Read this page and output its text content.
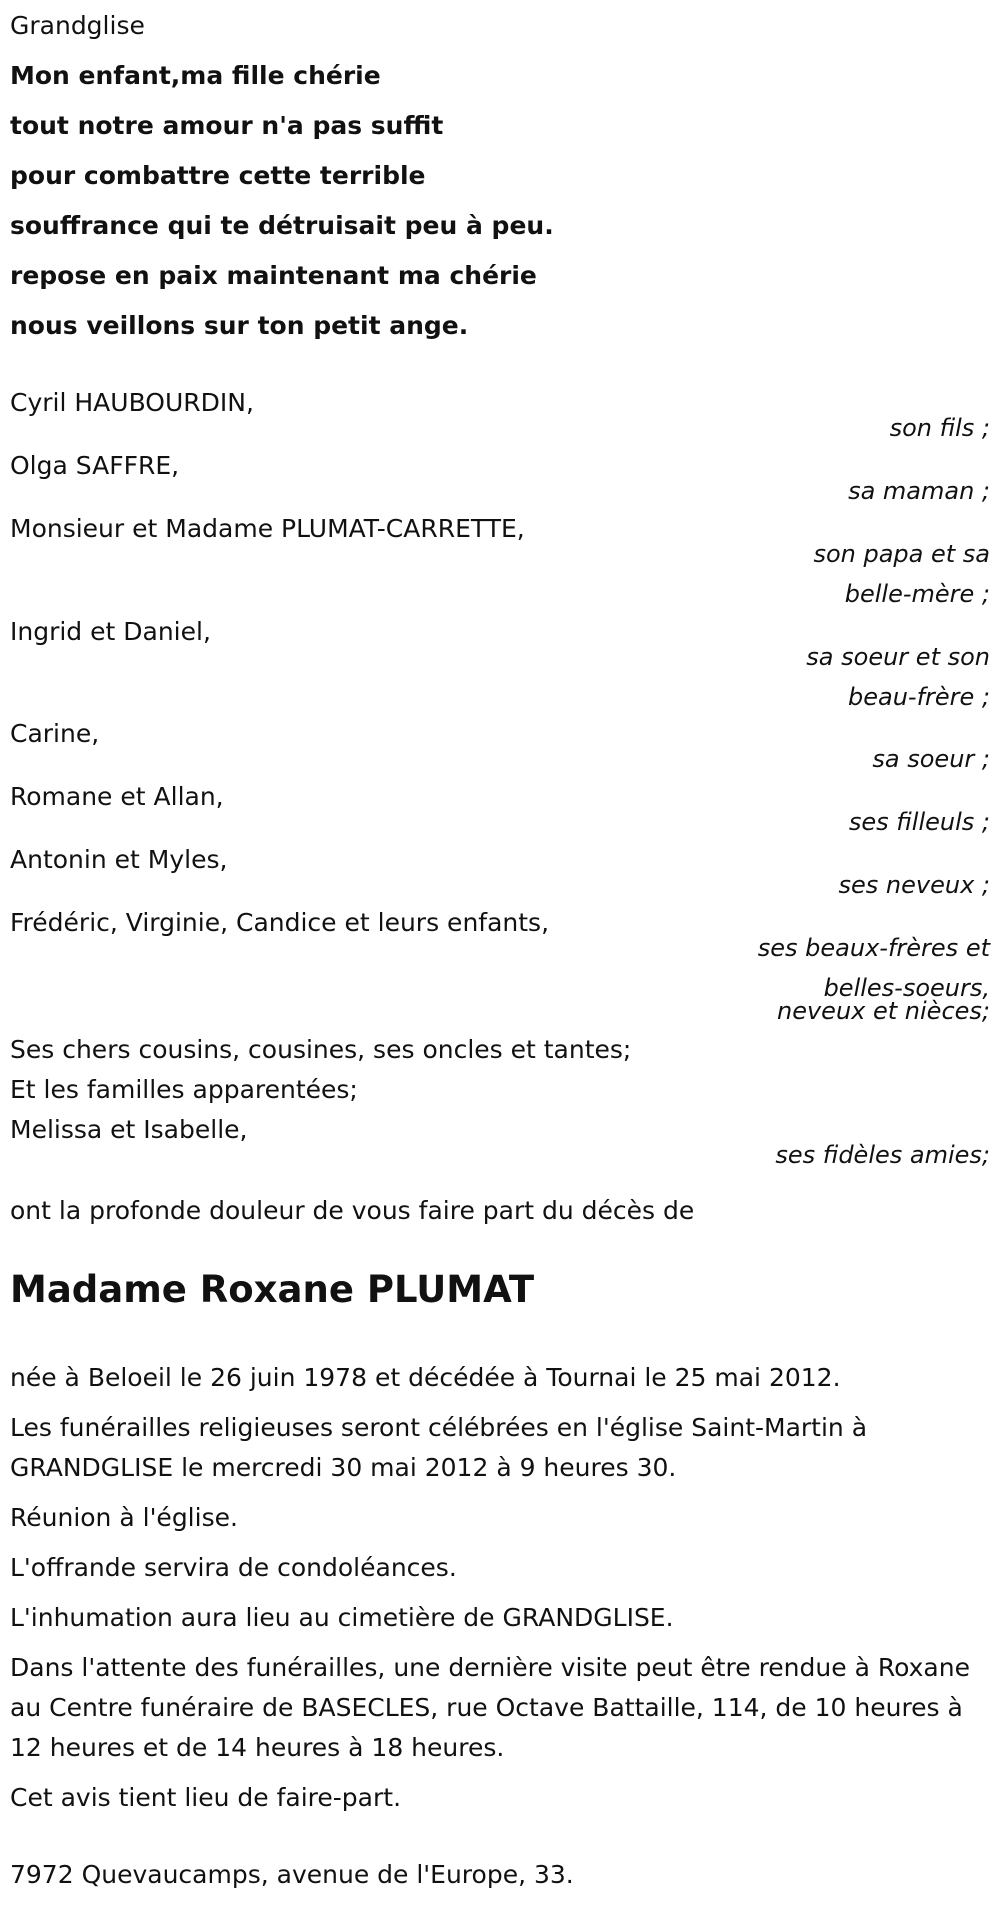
Grandglise
Mon enfant,ma fille chérie
tout notre amour n'a pas suffit
pour combattre cette terrible
souffrance qui te détruisait peu à peu.
repose en paix maintenant ma chérie
nous veillons sur ton petit ange.
Cyril HAUBOURDIN,
son fils ;
Olga SAFFRE,
sa maman ;
Monsieur et Madame PLUMAT-CARRETTE,
son papa et sa
belle-mère ;
Ingrid et Daniel,
sa soeur et son
beau-frère ;
Carine,
sa soeur ;
Romane et Allan,
ses filleuls ;
Antonin et Myles,
ses neveux ;
Frédéric, Virginie, Candice et leurs enfants,
ses beaux-frères et
belles-soeurs,
neveux et nièces;
Ses chers cousins, cousines, ses oncles et tantes;
Et les familles apparentées;
Melissa et Isabelle,
ses fidèles amies;
ont la profonde douleur de vous faire part du décès de
Madame Roxane PLUMAT

née à Beloeil le 26 juin 1978 et décédée à Tournai le 25 mai 2012.

Les funérailles religieuses seront célébrées en l'église Saint-Martin à GRANDGLISE le mercredi 30 mai 2012 à 9 heures 30.

Réunion à l'église.

L'offrande servira de condoléances.

L'inhumation aura lieu au cimetière de GRANDGLISE.

Dans l'attente des funérailles, une dernière visite peut être rendue à Roxane au Centre funéraire de BASECLES, rue Octave Battaille, 114, de 10 heures à 12 heures et de 14 heures à 18 heures.

Cet avis tient lieu de faire-part.

7972 Quevaucamps, avenue de l'Europe, 33.
